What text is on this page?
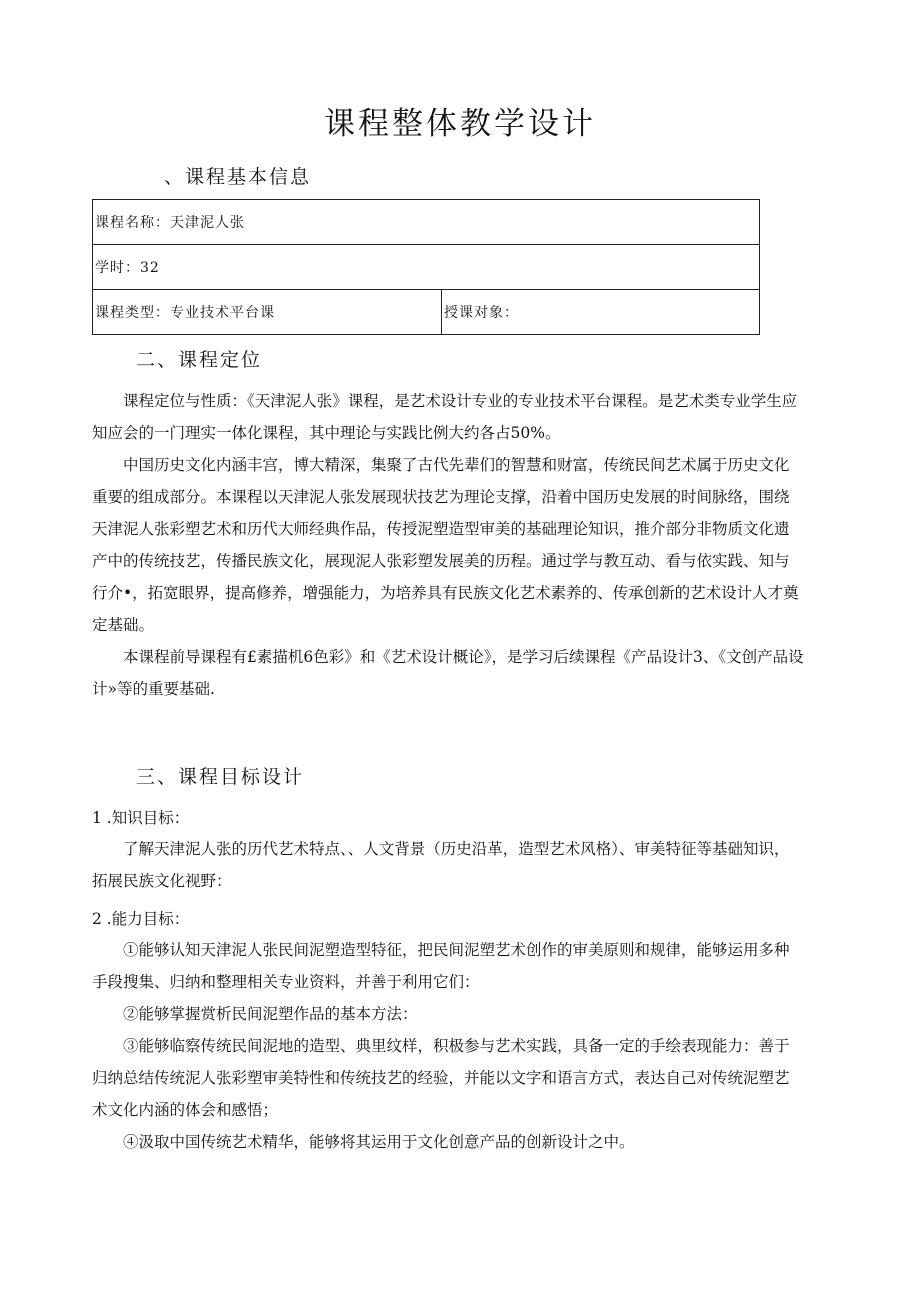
课程整体教学设计
、课程基本信息
课程名称：天津泥人张
学时：32
课程类型：专业技术平台课	授课对象：
二、课程定位

课程定位与性质：《天津泥人张》课程，是艺术设计专业的专业技术平台课程。是艺术类专业学生应知应会的一门理实一体化课程，其中理论与实践比例大约各占50%。

中国历史文化内涵丰宫，博大精深，集聚了古代先辈们的智慧和财富，传统民间艺术属于历史文化重要的组成部分。本课程以天津泥人张发展现状技艺为理论支撑，沿着中国历史发展的时间脉络，围绕天津泥人张彩塑艺术和历代大师经典作品，传授泥塑造型审美的基础理论知识，推介部分非物质文化遗产中的传统技艺，传播民族文化，展现泥人张彩塑发展美的历程。通过学与教互动、看与依实践、知与行介•，拓宽眼界，提高修养，增强能力，为培养具有民族文化艺术素养的、传承创新的艺术设计人才奠定基础。

本课程前导课程有£素描机6色彩》和《艺术设计概论》，是学习后续课程《产品设计3、《文创产品设计»等的重要基础.

三、课程目标设计
1 .知识目标：

了解天津泥人张的历代艺术特点、、人文背景（历史沿革，造型艺术风格）、审美特征等基础知识，拓展民族文化视野：

2 .能力目标：

①能够认知天津泥人张民间泥塑造型特征，把民间泥塑艺术创作的审美原则和规律，能够运用多种手段搜集、归纳和整理相关专业资料，并善于利用它们：

②能够掌握赏析民间泥塑作品的基本方法：

③能够临察传统民间泥地的造型、典里纹样，积极参与艺术实践，具备一定的手绘表现能力：善于归纳总结传统泥人张彩塑审美特性和传统技艺的经验，并能以文字和语言方式，表达自己对传统泥塑艺术文化内涵的体会和感悟；

④汲取中国传统艺术精华，能够将其运用于文化创意产品的创新设计之中。
